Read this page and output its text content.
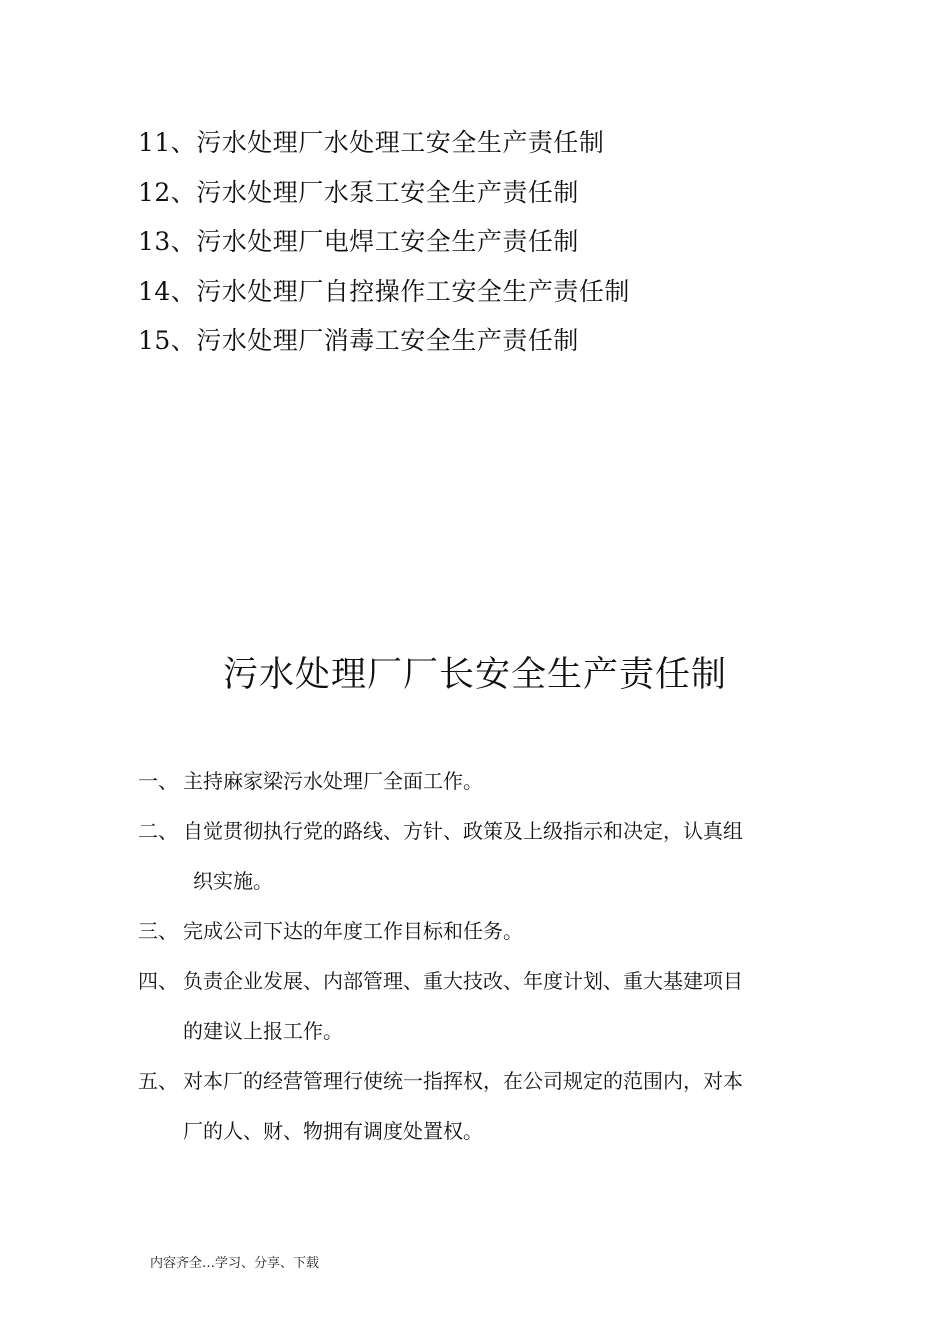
11、污水处理厂水处理工安全生产责任制
12、污水处理厂水泵工安全生产责任制
13、污水处理厂电焊工安全生产责任制
14、污水处理厂自控操作工安全生产责任制
15、污水处理厂消毒工安全生产责任制
污水处理厂厂长安全生产责任制
一、 主持麻家梁污水处理厂全面工作。
二、 自觉贯彻执行党的路线、方针、政策及上级指示和决定，认真组
织实施。
三、 完成公司下达的年度工作目标和任务。
四、 负责企业发展、内部管理、重大技改、年度计划、重大基建项目
的建议上报工作。
五、 对本厂的经营管理行使统一指挥权，在公司规定的范围内，对本
厂的人、财、物拥有调度处置权。
内容齐全…学习、分享、下载
